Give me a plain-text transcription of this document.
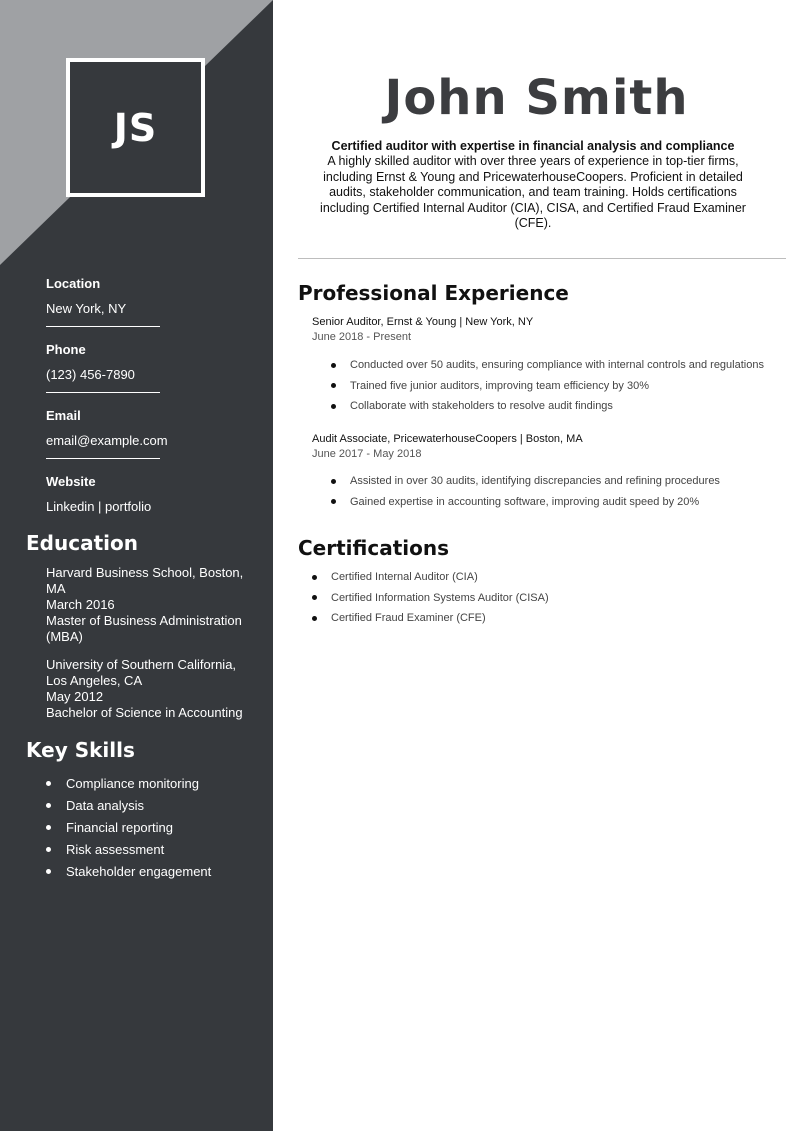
JS
Location
New York, NY
Phone
(123) 456-7890
Email
email@example.com
Website
Linkedin | portfolio
Education
Harvard Business School, Boston, MA
March 2016
Master of Business Administration (MBA)
University of Southern California, Los Angeles, CA
May 2012
Bachelor of Science in Accounting
Key Skills
Compliance monitoring
Data analysis
Financial reporting
Risk assessment
Stakeholder engagement
John Smith
Certified auditor with expertise in financial analysis and compliance
A highly skilled auditor with over three years of experience in top-tier firms, including Ernst & Young and PricewaterhouseCoopers. Proficient in detailed audits, stakeholder communication, and team training. Holds certifications including Certified Internal Auditor (CIA), CISA, and Certified Fraud Examiner (CFE).
Professional Experience
Senior Auditor, Ernst & Young | New York, NY
June 2018 - Present
Conducted over 50 audits, ensuring compliance with internal controls and regulations
Trained five junior auditors, improving team efficiency by 30%
Collaborate with stakeholders to resolve audit findings
Audit Associate, PricewaterhouseCoopers | Boston, MA
June 2017 - May 2018
Assisted in over 30 audits, identifying discrepancies and refining procedures
Gained expertise in accounting software, improving audit speed by 20%
Certifications
Certified Internal Auditor (CIA)
Certified Information Systems Auditor (CISA)
Certified Fraud Examiner (CFE)
